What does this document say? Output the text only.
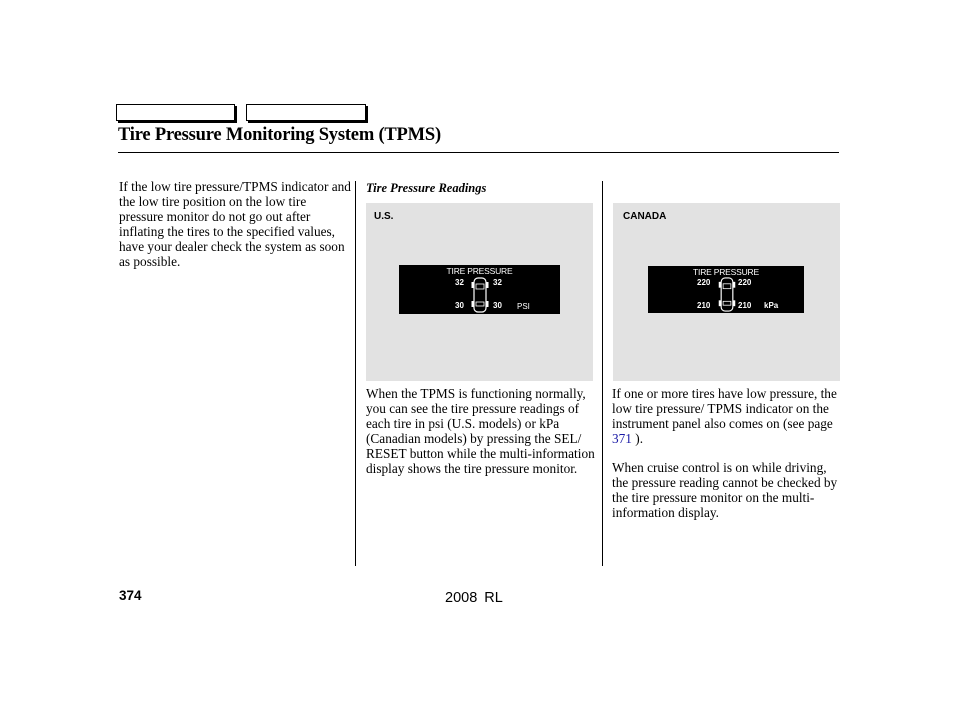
Tire Pressure Monitoring System (TPMS)

If the low tire pressure/TPMS indicator and the low tire position on the low tire pressure monitor do not go out after inflating the tires to the specified values, have your dealer check the system as soon as possible.

Tire Pressure Readings
U.S.
TIRE PRESSURE
32	32
30	30 PSI
CANADA
TIRE PRESSURE
220	220
210	210 kPa

When the TPMS is functioning normally, you can see the tire pressure readings of each tire in psi (U.S. models) or kPa (Canadian models) by pressing the SEL/ RESET button while the multi-information display shows the tire pressure monitor.

If one or more tires have low pressure, the low tire pressure/ TPMS indicator on the instrument panel also comes on (see page 371 ).

When cruise control is on while driving, the pressure reading cannot be checked by the tire pressure monitor on the multi-information display.

374	2008 RL
